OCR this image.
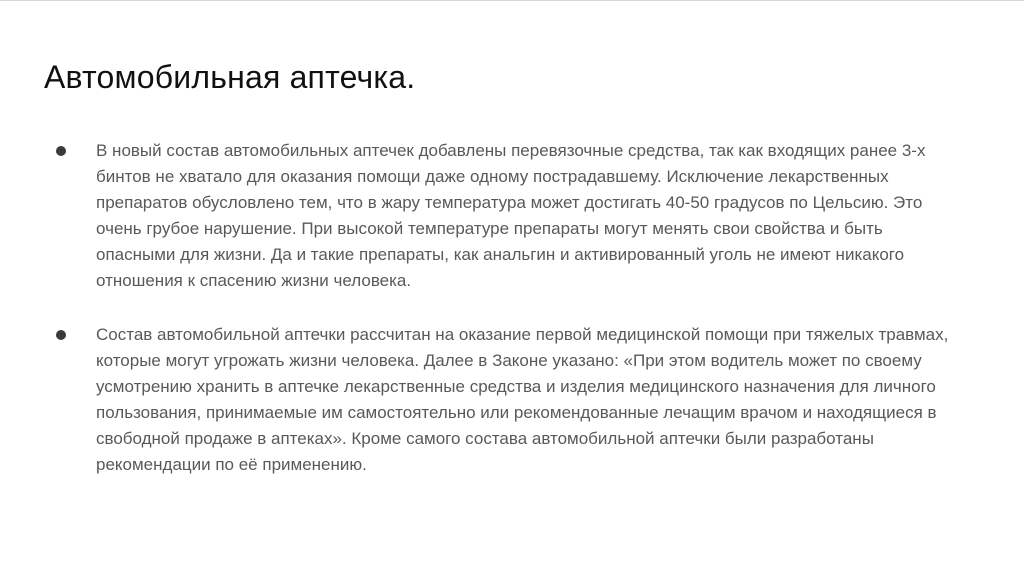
Автомобильная аптечка.
В новый состав автомобильных аптечек добавлены перевязочные средства, так как входящих ранее 3-х бинтов не хватало для оказания помощи даже одному пострадавшему. Исключение лекарственных препаратов обусловлено тем, что в жару температура может достигать 40-50 градусов по Цельсию. Это очень грубое нарушение. При высокой температуре препараты могут менять свои свойства и быть опасными для жизни. Да и такие препараты, как анальгин и активированный уголь не имеют никакого отношения к спасению жизни человека.
Состав автомобильной аптечки рассчитан на оказание первой медицинской помощи при тяжелых травмах, которые могут угрожать жизни человека. Далее в Законе указано: «При этом водитель может по своему усмотрению хранить в аптечке лекарственные средства и изделия медицинского назначения для личного пользования, принимаемые им самостоятельно или рекомендованные лечащим врачом и находящиеся в свободной продаже в аптеках». Кроме самого состава автомобильной аптечки были разработаны рекомендации по её применению.
